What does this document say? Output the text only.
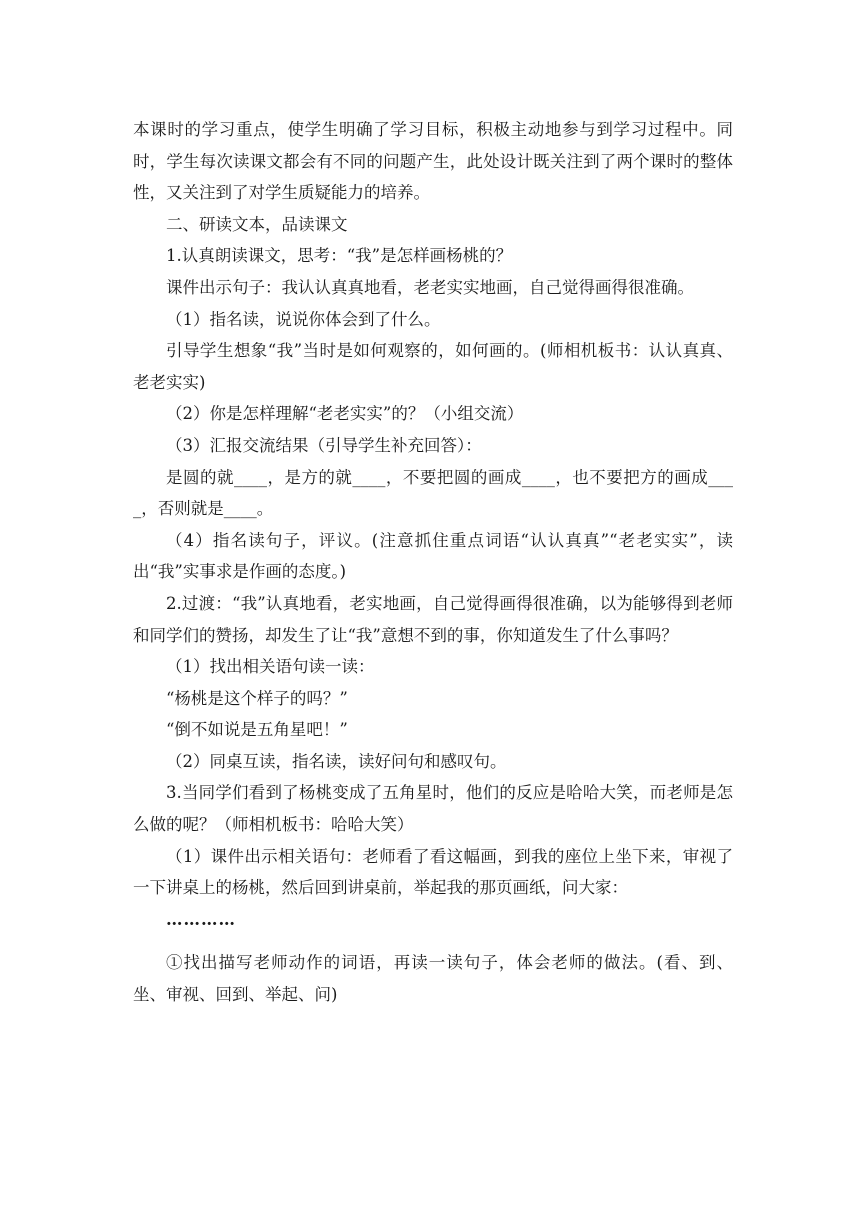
本课时的学习重点，使学生明确了学习目标，积极主动地参与到学习过程中。同时，学生每次读课文都会有不同的问题产生，此处设计既关注到了两个课时的整体性，又关注到了对学生质疑能力的培养。

二、研读文本，品读课文

1.认真朗读课文，思考：“我”是怎样画杨桃的？

课件出示句子：我认认真真地看，老老实实地画，自己觉得画得很准确。

（1）指名读，说说你体会到了什么。

引导学生想象“我”当时是如何观察的，如何画的。(师相机板书：认认真真、老老实实)

（2）你是怎样理解“老老实实”的？（小组交流）

（3）汇报交流结果（引导学生补充回答）：

是圆的就____，是方的就____，不要把圆的画成____，也不要把方的画成____，否则就是____。

（4）指名读句子，评议。(注意抓住重点词语“认认真真”“老老实实”，读出“我”实事求是作画的态度。)

2.过渡：“我”认真地看，老实地画，自己觉得画得很准确，以为能够得到老师和同学们的赞扬，却发生了让“我”意想不到的事，你知道发生了什么事吗？

（1）找出相关语句读一读：

“杨桃是这个样子的吗？”

“倒不如说是五角星吧！”

（2）同桌互读，指名读，读好问句和感叹句。

3.当同学们看到了杨桃变成了五角星时，他们的反应是哈哈大笑，而老师是怎么做的呢？（师相机板书：哈哈大笑）

（1）课件出示相关语句：老师看了看这幅画，到我的座位上坐下来，审视了一下讲桌上的杨桃，然后回到讲桌前，举起我的那页画纸，问大家：

…………

①找出描写老师动作的词语，再读一读句子，体会老师的做法。(看、到、坐、审视、回到、举起、问)
